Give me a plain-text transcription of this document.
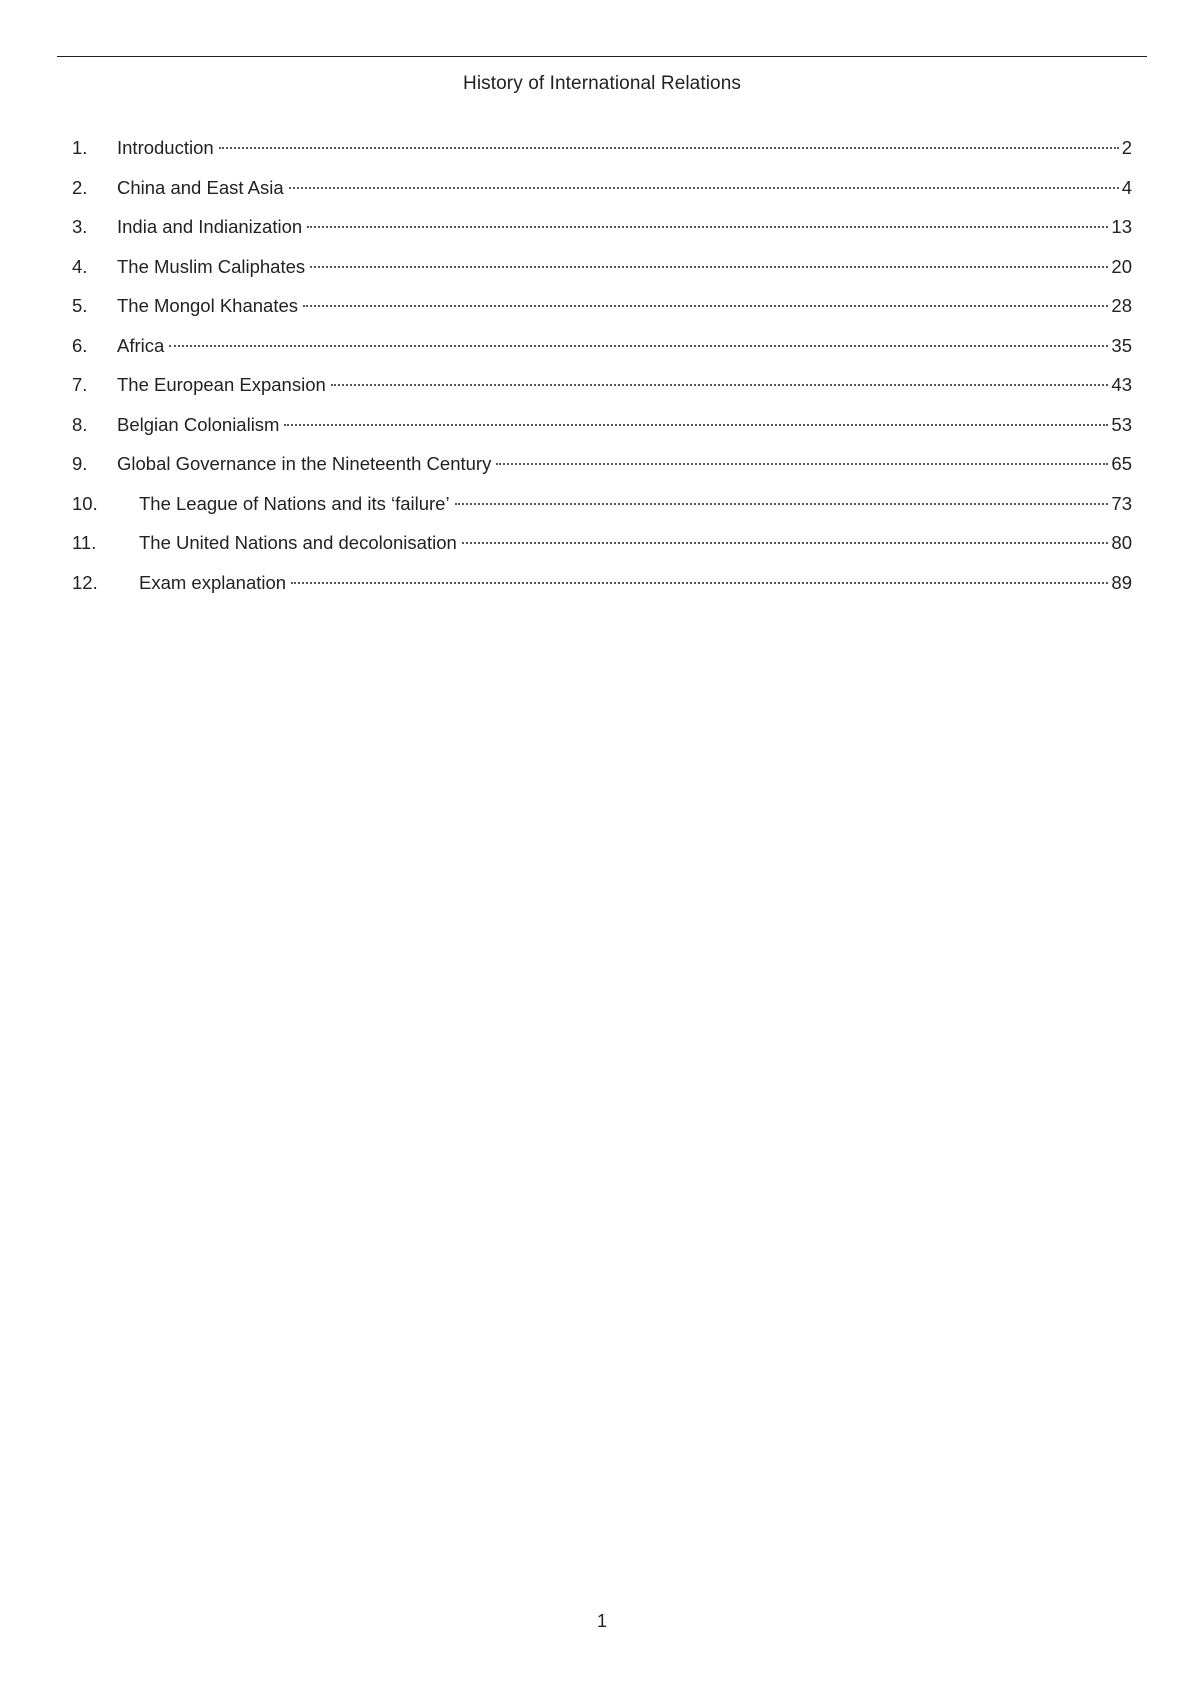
History of International Relations
1.	Introduction	2
2.	China and East Asia	4
3.	India and Indianization	13
4.	The Muslim Caliphates	20
5.	The Mongol Khanates	28
6.	Africa	35
7.	The European Expansion	43
8.	Belgian Colonialism	53
9.	Global Governance in the Nineteenth Century	65
10.	The League of Nations and its ‘failure’	73
11.	The United Nations and decolonisation	80
12.	Exam explanation	89
1
